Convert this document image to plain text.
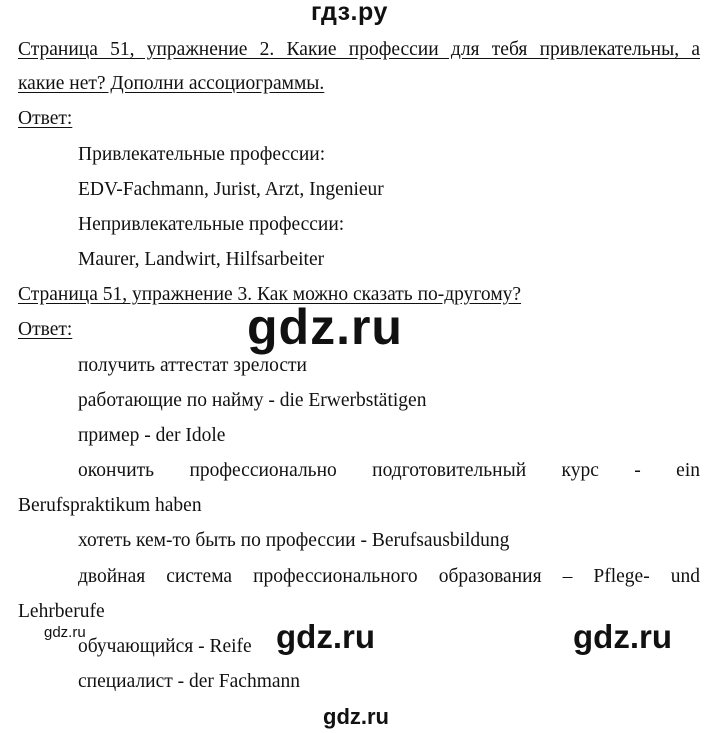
гдз.ру
Страница 51, упражнение 2. Какие профессии для тебя привлекательны, а
какие нет? Дополни ассоциограммы.
Ответ:
Привлекательные профессии:
EDV-Fachmann, Jurist, Arzt, Ingenieur
Непривлекательные профессии:
Maurer, Landwirt, Hilfsarbeiter
Страница 51, упражнение 3. Как можно сказать по-другому?
Ответ:	gdz.ru
получить аттестат зрелости
работающие по найму - die Erwerbstätigen
пример - der Idole
окончить профессионально подготовительный курс - ein
Berufspraktikum haben
хотеть кем-то быть по профессии - Berufsausbildung
двойная система профессионального образования – Pflege- und
Lehrberufe
gdz.ru	gdz.ru	gdz.ru
обучающийся - Reife
специалист - der Fachmann
gdz.ru
